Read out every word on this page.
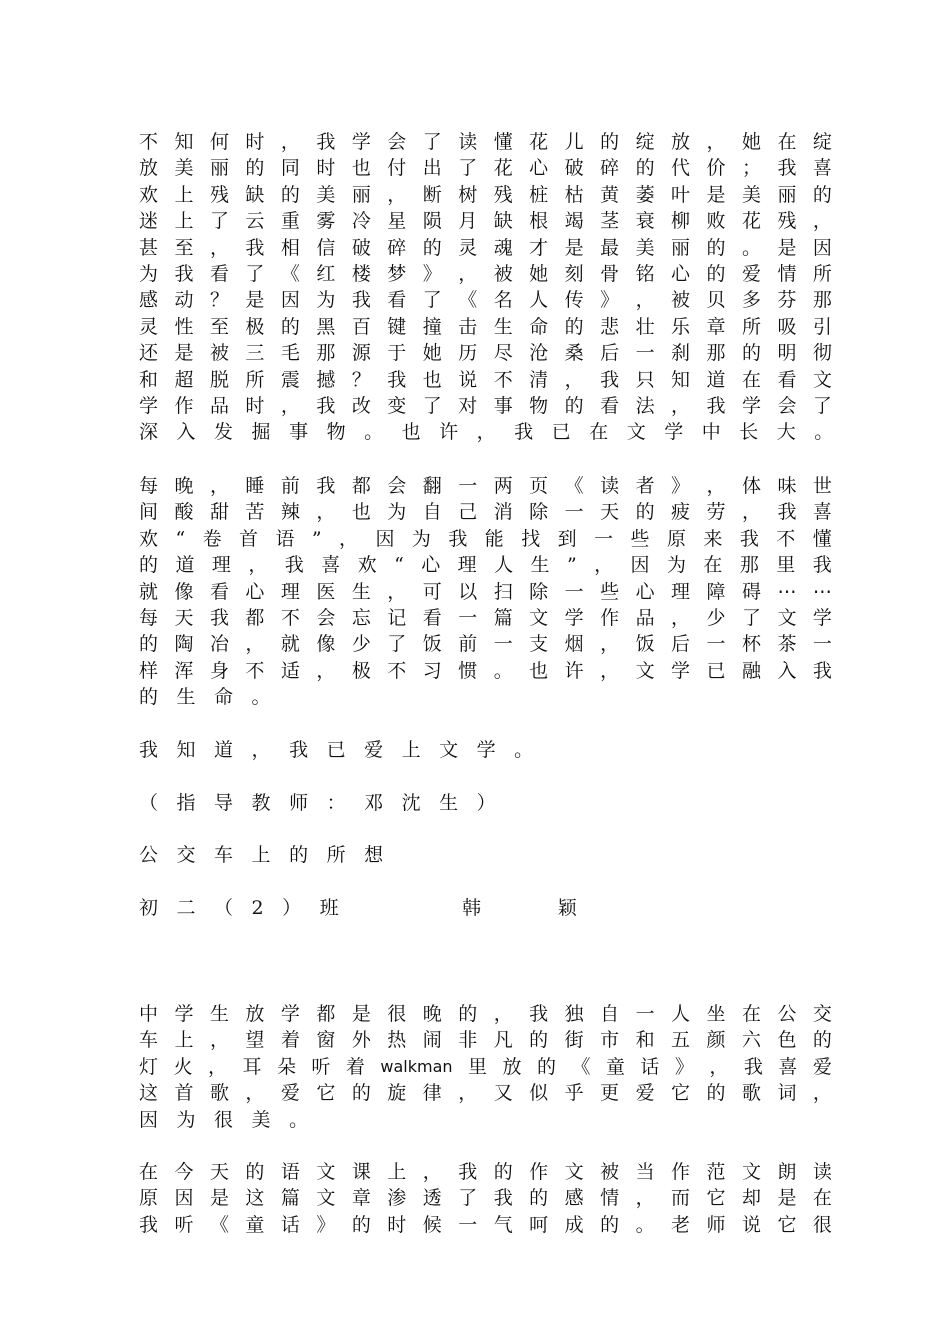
不 知 何 时 ， 我 学 会 了 读 懂 花 儿 的 绽 放 ， 她 在 绽
放 美 丽 的 同 时 也 付 出 了 花 心 破 碎 的 代 价 ； 我 喜
欢 上 残 缺 的 美 丽 ， 断 树 残 桩 枯 黄 萎 叶 是 美 丽 的
迷 上 了 云 重 雾 冷 星 陨 月 缺 根 竭 茎 衰 柳 败 花 残 ，
甚 至 ， 我 相 信 破 碎 的 灵 魂 才 是 最 美 丽 的 。 是 因
为 我 看 了 《 红 楼 梦 》 ， 被 她 刻 骨 铭 心 的 爱 情 所
感 动 ？ 是 因 为 我 看 了 《 名 人 传 》 ， 被 贝 多 芬 那
灵 性 至 极 的 黑 百 键 撞 击 生 命 的 悲 壮 乐 章 所 吸 引
还 是 被 三 毛 那 源 于 她 历 尽 沧 桑 后 一 刹 那 的 明 彻
和 超 脱 所 震 撼 ？ 我 也 说 不 清 ， 我 只 知 道 在 看 文
学 作 品 时 ， 我 改 变 了 对 事 物 的 看 法 ， 我 学 会 了
深 入 发 掘 事 物 。 也 许 ， 我 已 在 文 学 中 长 大 。
每 晚 ， 睡 前 我 都 会 翻 一 两 页 《 读 者 》 ， 体 味 世
间 酸 甜 苦 辣 ， 也 为 自 己 消 除 一 天 的 疲 劳 ， 我 喜
欢 “ 卷 首 语 ” ， 因 为 我 能 找 到 一 些 原 来 我 不 懂
的 道 理 ， 我 喜 欢 “ 心 理 人 生 ” ， 因 为 在 那 里 我
就 像 看 心 理 医 生 ， 可 以 扫 除 一 些 心 理 障 碍 ⋯ ⋯
每 天 我 都 不 会 忘 记 看 一 篇 文 学 作 品 ， 少 了 文 学
的 陶 冶 ， 就 像 少 了 饭 前 一 支 烟 ， 饭 后 一 杯 茶 一
样 浑 身 不 适 ， 极 不 习 惯 。 也 许 ， 文 学 已 融 入 我
的 生 命 。
我 知 道 ， 我 已 爱 上 文 学 。
（ 指 导 教 师 ： 邓 沈 生 ）
公 交 车 上 的 所 想
初 二 （ 2 ） 班	韩	颖
中 学 生 放 学 都 是 很 晚 的 ， 我 独 自 一 人 坐 在 公 交
车 上 ， 望 着 窗 外 热 闹 非 凡 的 街 市 和 五 颜 六 色 的
灯 火 ， 耳 朵 听 着 walkman 里 放 的 《 童 话 》 ， 我 喜 爱
这 首 歌 ， 爱 它 的 旋 律 ， 又 似 乎 更 爱 它 的 歌 词 ，
因 为 很 美 。
在 今 天 的 语 文 课 上 ， 我 的 作 文 被 当 作 范 文 朗 读
原 因 是 这 篇 文 章 渗 透 了 我 的 感 情 ， 而 它 却 是 在
我 听 《 童 话 》 的 时 候 一 气 呵 成 的 。 老 师 说 它 很
